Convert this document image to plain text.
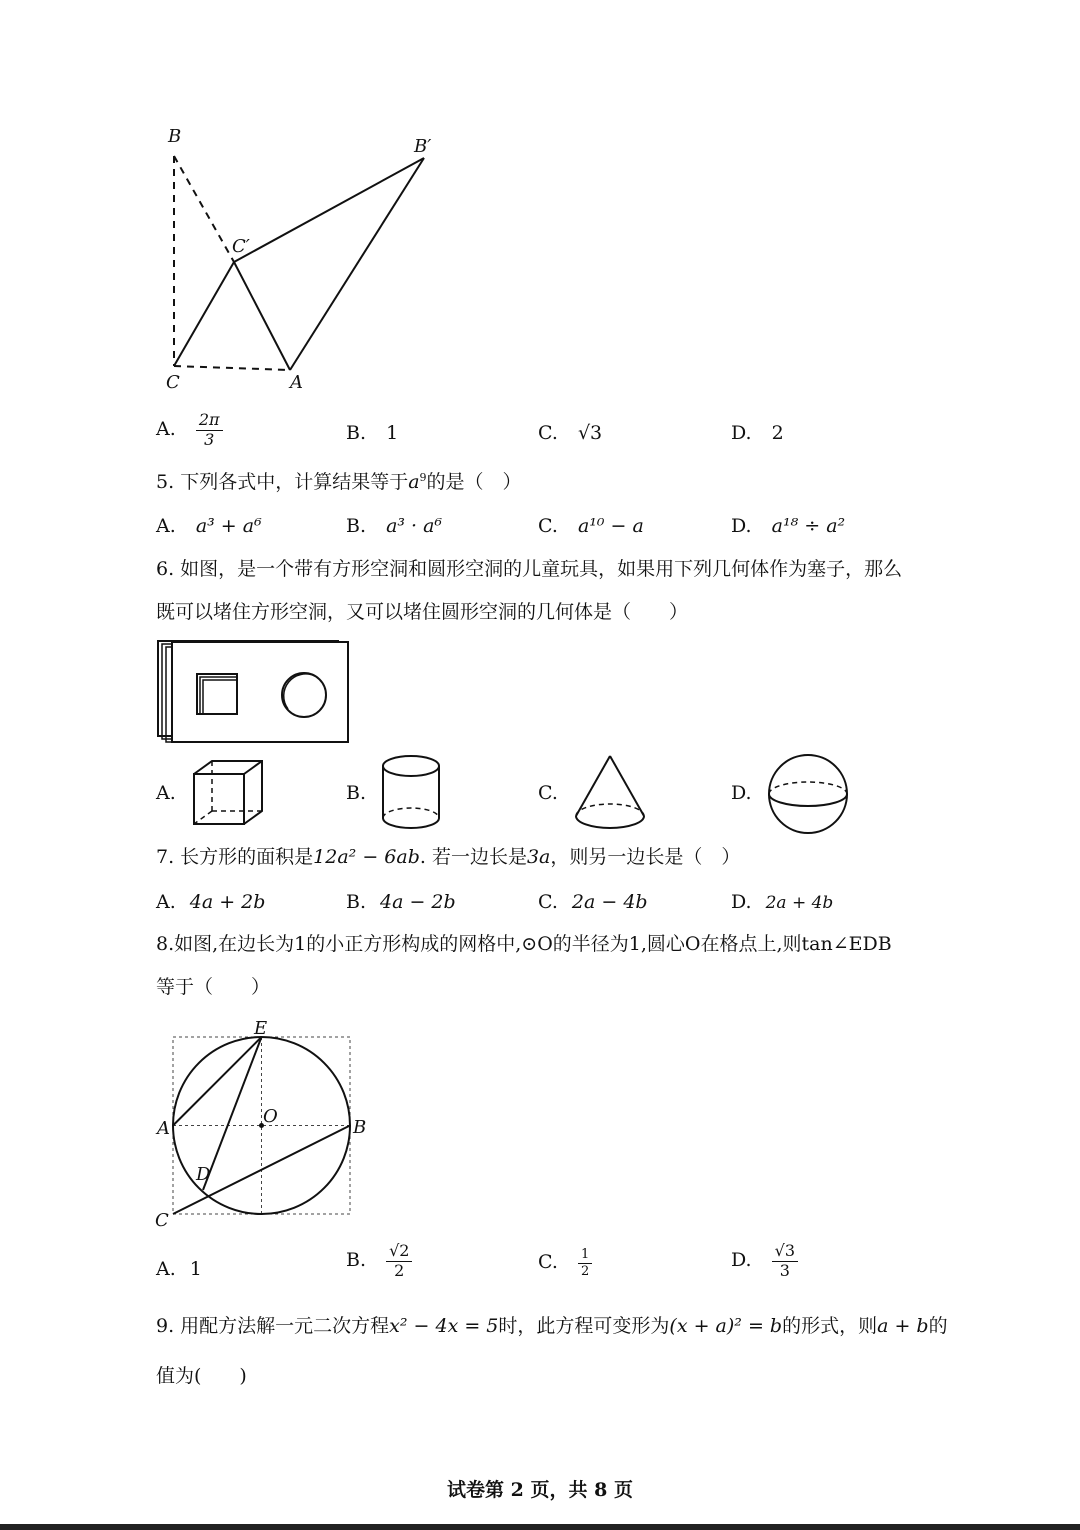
B	B′
C′
C	A
A. $\frac{2\pi}{3}$	B. 1	C. √3	D. 2
5. 下列各式中，计算结果等于$a^9$的是（　）
A. a³ + a⁶	B. a³ · a⁶	C. a¹⁰ − a	D. a¹⁸ ÷ a²
6. 如图，是一个带有方形空洞和圆形空洞的儿童玩具，如果用下列几何体作为塞子，那么
既可以堵住方形空洞，又可以堵住圆形空洞的几何体是（　　）
A.	B.	C.	D.
7. 长方形的面积是12a² − 6ab. 若一边长是3a，则另一边长是（　）
A. 4a + 2b	B. 4a − 2b	C. 2a − 4b	D. 2a + 4b
8.如图,在边长为1的小正方形构成的网格中,⊙O的半径为1,圆心O在格点上,则tan∠EDB
等于（　　）
E
A
O
B
D
C
A. 1	B. $\frac{√2}{2}$	C. $\frac{1}{2}$	D. $\frac{√3}{3}$
9. 用配方法解一元二次方程x² − 4x = 5时，此方程可变形为(x + a)² = b的形式，则a + b的
值为(　　)
试卷第 2 页，共 8 页
